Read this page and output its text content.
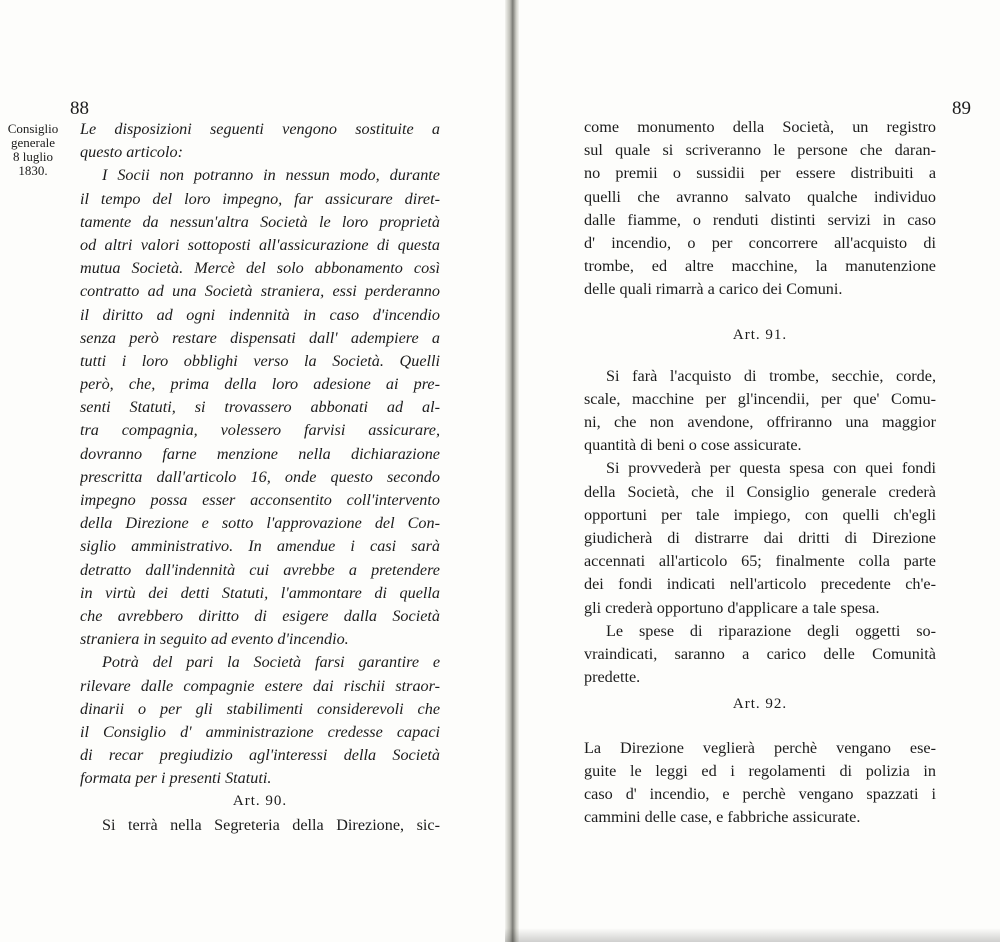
88
Consiglio
generale
8 luglio
1830.
Le disposizioni seguenti vengono sostituite a
questo articolo:
I Socii non potranno in nessun modo, durante
il tempo del loro impegno, far assicurare diret-
tamente da nessun'altra Società le loro proprietà
od altri valori sottoposti all'assicurazione di questa
mutua Società. Mercè del solo abbonamento così
contratto ad una Società straniera, essi perderanno
il diritto ad ogni indennità in caso d'incendio
senza però restare dispensati dall' adempiere a
tutti i loro obblighi verso la Società. Quelli
però, che, prima della loro adesione ai pre-
senti Statuti, si trovassero abbonati ad al-
tra compagnia, volessero farvisi assicurare,
dovranno farne menzione nella dichiarazione
prescritta dall'articolo 16, onde questo secondo
impegno possa esser acconsentito coll'intervento
della Direzione e sotto l'approvazione del Con-
siglio amministrativo. In amendue i casi sarà
detratto dall'indennità cui avrebbe a pretendere
in virtù dei detti Statuti, l'ammontare di quella
che avrebbero diritto di esigere dalla Società
straniera in seguito ad evento d'incendio.
Potrà del pari la Società farsi garantire e
rilevare dalle compagnie estere dai rischii straor-
dinarii o per gli stabilimenti considerevoli che
il Consiglio d' amministrazione credesse capaci
di recar pregiudizio agl'interessi della Società
formata per i presenti Statuti.
Art. 90.
Si terrà nella Segreteria della Direzione, sic-
89
come monumento della Società, un registro
sul quale si scriveranno le persone che daran-
no premii o sussidii per essere distribuiti a
quelli che avranno salvato qualche individuo
dalle fiamme, o renduti distinti servizi in caso
d' incendio, o per concorrere all'acquisto di
trombe, ed altre macchine, la manutenzione
delle quali rimarrà a carico dei Comuni.
Art. 91.
Si farà l'acquisto di trombe, secchie, corde,
scale, macchine per gl'incendii, per que' Comu-
ni, che non avendone, offriranno una maggior
quantità di beni o cose assicurate.
Si provvederà per questa spesa con quei fondi
della Società, che il Consiglio generale crederà
opportuni per tale impiego, con quelli ch'egli
giudicherà di distrarre dai dritti di Direzione
accennati all'articolo 65; finalmente colla parte
dei fondi indicati nell'articolo precedente ch'e-
gli crederà opportuno d'applicare a tale spesa.
Le spese di riparazione degli oggetti so-
vraindicati, saranno a carico delle Comunità
predette.
Art. 92.
La Direzione veglierà perchè vengano ese-
guite le leggi ed i regolamenti di polizia in
caso d' incendio, e perchè vengano spazzati i
cammini delle case, e fabbriche assicurate.
